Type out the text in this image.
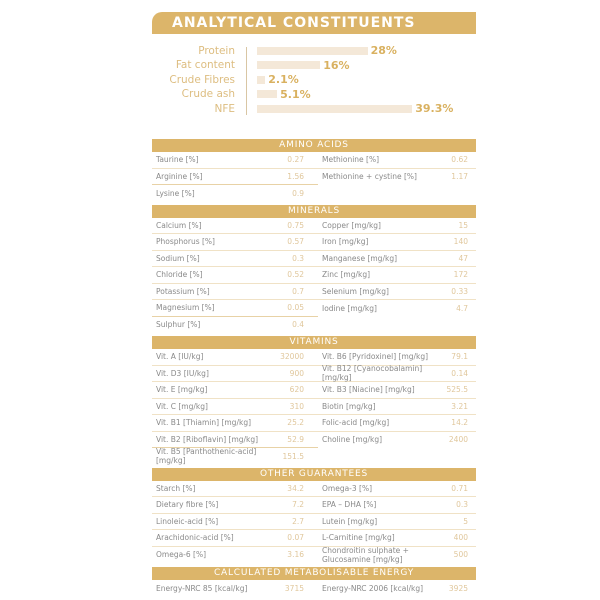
ANALYTICAL CONSTITUENTS
Protein	28%
Fat content	16%
Crude Fibres	2.1%
Crude ash	5.1%
NFE	39.3%
AMINO ACIDS
Taurine [%]	0.27
Arginine [%]	1.56
Lysine [%]	0.9
Methionine [%]	0.62
Methionine + cystine [%]	1.17
MINERALS
Calcium [%]	0.75
Phosphorus [%]	0.57
Sodium [%]	0.3
Chloride [%]	0.52
Potassium [%]	0.7
Magnesium [%]	0.05
Sulphur [%]	0.4
Copper [mg/kg]	15
Iron [mg/kg]	140
Manganese [mg/kg]	47
Zinc [mg/kg]	172
Selenium [mg/kg]	0.33
Iodine [mg/kg]	4.7
VITAMINS
Vit. A [IU/kg]	32000
Vit. D3 [IU/kg]	900
Vit. E [mg/kg]	620
Vit. C [mg/kg]	310
Vit. B1 [Thiamin] [mg/kg]	25.2
Vit. B2 [Riboflavin] [mg/kg]	52.9
Vit. B5 [Panthothenic-acid] [mg/kg]	151.5
Vit. B6 [Pyridoxinel] [mg/kg]	79.1
Vit. B12 [Cyanocobalamin] [mg/kg]	0.14
Vit. B3 [Niacine] [mg/kg]	525.5
Biotin [mg/kg]	3.21
Folic-acid [mg/kg]	14.2
Choline [mg/kg]	2400
OTHER GUARANTEES
Starch [%]	34.2
Dietary fibre [%]	7.2
Linoleic-acid [%]	2.7
Arachidonic-acid [%]	0.07
Omega-6 [%]	3.16
Omega-3 [%]	0.71
EPA – DHA [%]	0.3
Lutein [mg/kg]	5
L-Carnitine [mg/kg]	400
Chondroitin sulphate + Glucosamine [mg/kg]	500
CALCULATED METABOLISABLE ENERGY
Energy-NRC 85 [kcal/kg]	3715 Energy-NRC 2006 [kcal/kg]	3925
